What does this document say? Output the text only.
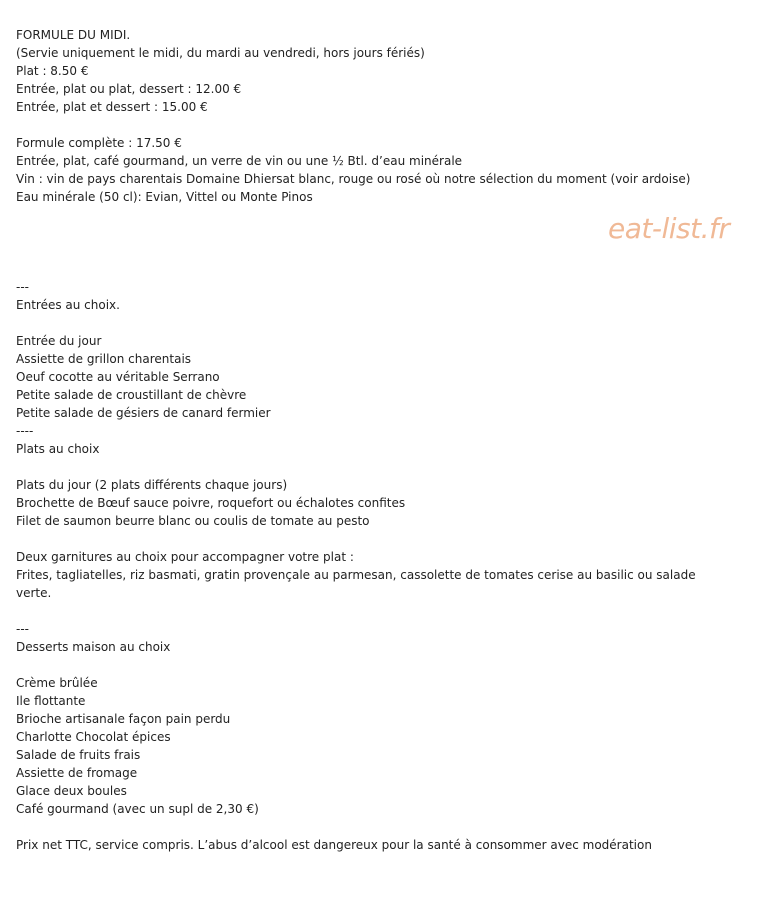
FORMULE DU MIDI.
(Servie uniquement le midi, du mardi au vendredi, hors jours fériés)
Plat : 8.50 €
Entrée, plat ou plat, dessert : 12.00 €
Entrée, plat et dessert : 15.00 €
Formule complète : 17.50 €
Entrée, plat, café gourmand, un verre de vin ou une ½ Btl. d’eau minérale
Vin : vin de pays charentais Domaine Dhiersat blanc, rouge ou rosé où notre sélection du moment (voir ardoise)
Eau minérale (50 cl): Evian, Vittel ou Monte Pinos
---
Entrées au choix.
Entrée du jour
Assiette de grillon charentais
Oeuf cocotte au véritable Serrano
Petite salade de croustillant de chèvre
Petite salade de gésiers de canard fermier
----
Plats au choix
Plats du jour (2 plats différents chaque jours)
Brochette de Bœuf sauce poivre, roquefort ou échalotes confites
Filet de saumon beurre blanc ou coulis de tomate au pesto
Deux garnitures au choix pour accompagner votre plat :
Frites, tagliatelles, riz basmati, gratin provençale au parmesan, cassolette de tomates cerise au basilic ou salade verte.
---
Desserts maison au choix
Crème brûlée
Ile flottante
Brioche artisanale façon pain perdu
Charlotte Chocolat épices
Salade de fruits frais
Assiette de fromage
Glace deux boules
Café gourmand (avec un supl de 2,30 €)
Prix net TTC, service compris. L’abus d’alcool est dangereux pour la santé à consommer avec modération
eat-list.fr
